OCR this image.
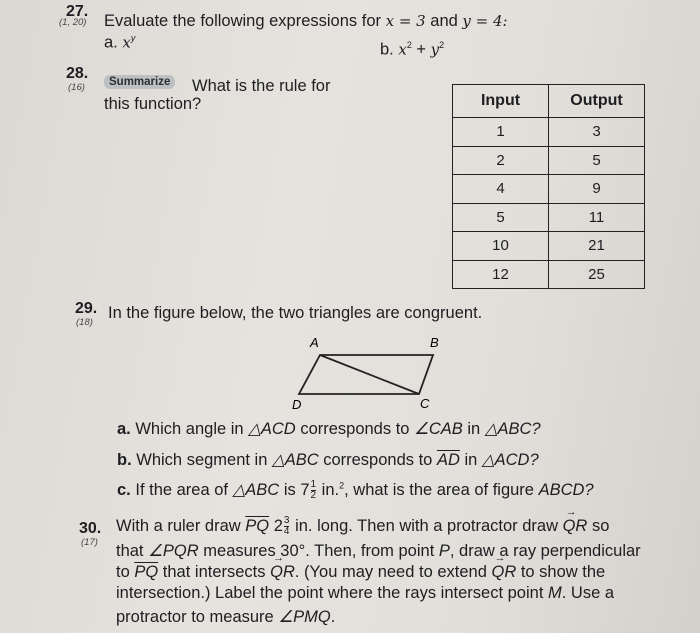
27.
(1, 20) Evaluate the following expressions for x = 3 and y = 4:
a. $x^y$
b. $x^2 + y^2$
28.
(16)	Summarize	What is the rule for
this function?	Input	Output
1	3
2	5
4	9
5	11
10	21
12	25
29.
(18)
In the figure below, the two triangles are congruent.
A	B
C
D
a. Which angle in △ACD corresponds to ∠CAB in △ABC?
b. Which segment in △ABC corresponds to $\overline{AD}$ in △ACD?
c. If the area of △ABC is $7 \frac{1}{2} in.^2$, what is the area of figure ABCD?
30.
(17)
With a ruler draw $\overline{PQ}$ $2 \frac{3}{4}$ in. long. Then with a protractor draw → QR so
that ∠PQR measures 30°. Then, from point P, draw a ray perpendicular
to $\overline{PQ}$ that intersects → QR. (You may need to extend → QR to show the
intersection.) Label the point where the rays intersect point M. Use a
protractor to measure ∠PMQ.
